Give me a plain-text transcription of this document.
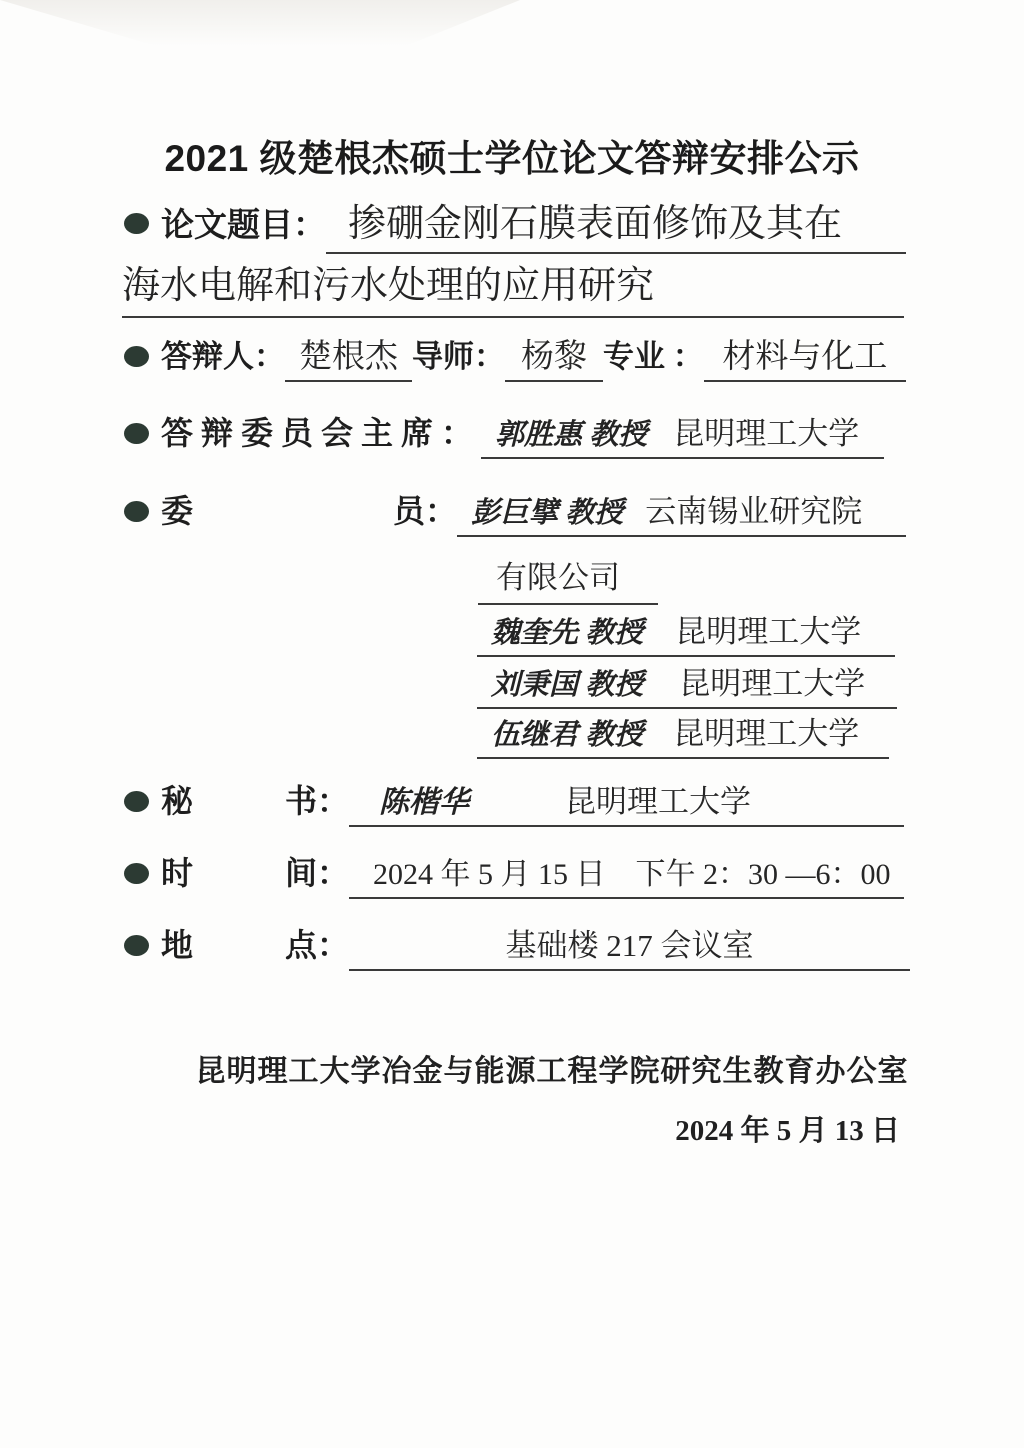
2021 级楚根杰硕士学位论文答辩安排公示
论文题目： 掺硼金刚石膜表面修饰及其在
海水电解和污水处理的应用研究
答辩人： 楚根杰 导师： 杨黎 专业 ： 材料与化工
答辩委员会主席： 郭胜惠 教授 昆明理工大学
委	员： 彭巨擘 教授 云南锡业研究院
有限公司
魏奎先 教授 昆明理工大学
刘秉国 教授 昆明理工大学
伍继君 教授 昆明理工大学
秘	书： 陈楷华	昆明理工大学
时	间： 2024 年 5 月 15 日　下午 2：30 —6：00
地	点：	基础楼 217 会议室
昆明理工大学冶金与能源工程学院研究生教育办公室
2024 年 5 月 13 日
